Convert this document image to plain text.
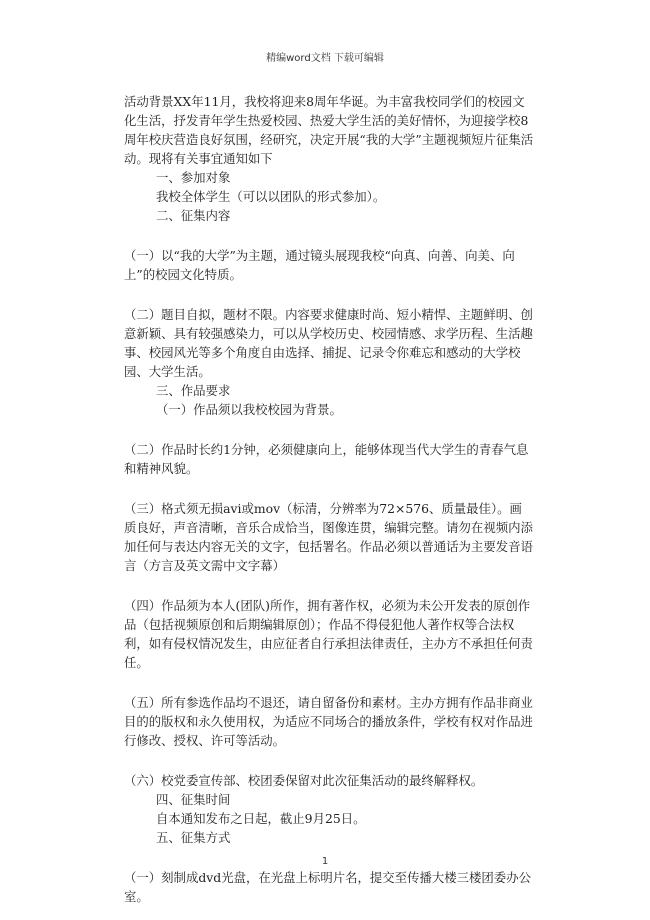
精编word文档 下载可编辑

活动背景XX年11月，我校将迎来8周年华诞。为丰富我校同学们的校园文化生活，抒发青年学生热爱校园、热爱大学生活的美好情怀，为迎接学校8周年校庆营造良好氛围，经研究，决定开展“我的大学”主题视频短片征集活动。现将有关事宜通知如下

一、参加对象

我校全体学生（可以以团队的形式参加）。

二、征集内容

（一）以“我的大学”为主题，通过镜头展现我校“向真、向善、向美、向上”的校园文化特质。

（二）题目自拟，题材不限。内容要求健康时尚、短小精悍、主题鲜明、创意新颖、具有较强感染力，可以从学校历史、校园情感、求学历程、生活趣事、校园风光等多个角度自由选择、捕捉、记录令你难忘和感动的大学校园、大学生活。

三、作品要求

（一）作品须以我校校园为背景。

（二）作品时长约1分钟，必须健康向上，能够体现当代大学生的青春气息和精神风貌。

（三）格式须无损avi或mov（标清，分辨率为72×576、质量最佳）。画质良好，声音清晰，音乐合成恰当，图像连贯，编辑完整。请勿在视频内添加任何与表达内容无关的文字，包括署名。作品必须以普通话为主要发音语言（方言及英文需中文字幕）

（四）作品须为本人(团队)所作，拥有著作权，必须为未公开发表的原创作品（包括视频原创和后期编辑原创）；作品不得侵犯他人著作权等合法权利，如有侵权情况发生，由应征者自行承担法律责任，主办方不承担任何责任。

（五）所有参选作品均不退还，请自留备份和素材。主办方拥有作品非商业目的的版权和永久使用权，为适应不同场合的播放条件，学校有权对作品进行修改、授权、许可等活动。

（六）校党委宣传部、校团委保留对此次征集活动的最终解释权。

四、征集时间

自本通知发布之日起，截止9月25日。

五、征集方式

（一）刻制成dvd光盘，在光盘上标明片名，提交至传播大楼三楼团委办公室。

1
